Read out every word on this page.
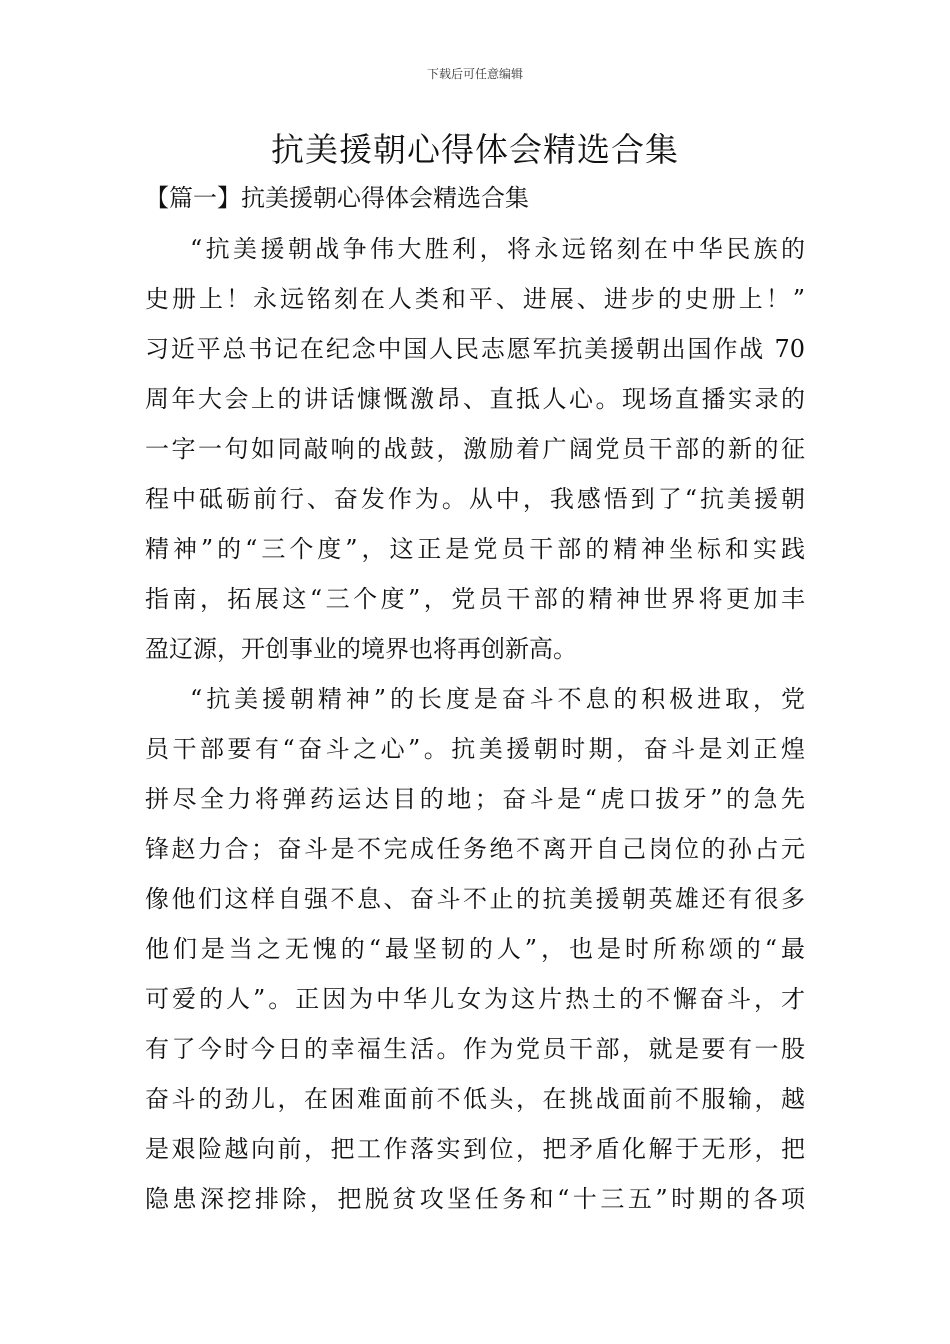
下载后可任意编辑
抗美援朝心得体会精选合集
【篇一】抗美援朝心得体会精选合集
“抗美援朝战争伟大胜利，将永远铭刻在中华民族的
史册上！永远铭刻在人类和平、进展、进步的史册上！”
习近平总书记在纪念中国人民志愿军抗美援朝出国作战 70
周年大会上的讲话慷慨激昂、直抵人心。现场直播实录的
一字一句如同敲响的战鼓，激励着广阔党员干部的新的征
程中砥砺前行、奋发作为。从中，我感悟到了“抗美援朝
精神”的“三个度”，这正是党员干部的精神坐标和实践
指南，拓展这“三个度”，党员干部的精神世界将更加丰
盈辽源，开创事业的境界也将再创新高。
“抗美援朝精神”的长度是奋斗不息的积极进取，党
员干部要有“奋斗之心”。抗美援朝时期，奋斗是刘正煌
拼尽全力将弹药运达目的地；奋斗是“虎口拔牙”的急先
锋赵力合；奋斗是不完成任务绝不离开自己岗位的孙占元
像他们这样自强不息、奋斗不止的抗美援朝英雄还有很多
他们是当之无愧的“最坚韧的人”，也是时所称颂的“最
可爱的人”。正因为中华儿女为这片热土的不懈奋斗，才
有了今时今日的幸福生活。作为党员干部，就是要有一股
奋斗的劲儿，在困难面前不低头，在挑战面前不服输，越
是艰险越向前，把工作落实到位，把矛盾化解于无形，把
隐患深挖排除，把脱贫攻坚任务和“十三五”时期的各项
